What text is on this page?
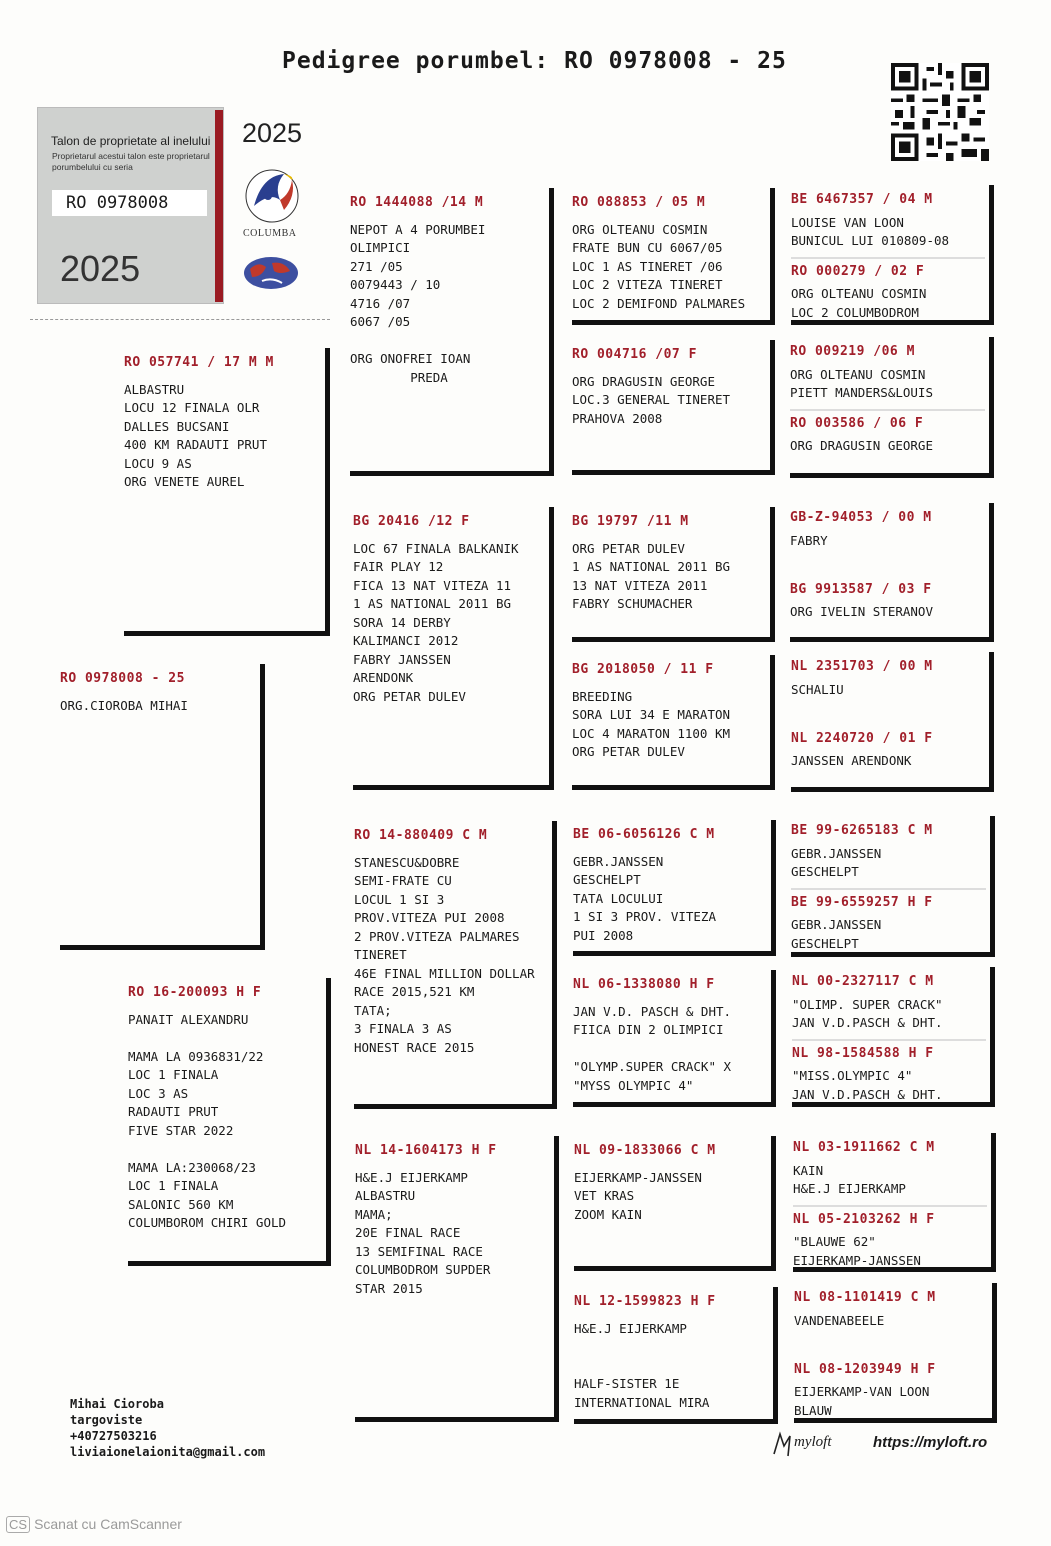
Pedigree porumbel: RO 0978008 - 25
Talon de proprietate al inelului
Proprietarul acestui talon este proprietarul porumbelului cu seria
RO 0978008
2025
2025
COLUMBA
RO 0978008 - 25
ORG.CIOROBA MIHAI
RO 057741 / 17 M M
ALBASTRU
LOCU 12 FINALA OLR
DALLES BUCSANI
400 KM RADAUTI PRUT
LOCU 9 AS
ORG VENETE AUREL
RO 16-200093 H F
PANAIT ALEXANDRU

MAMA LA 0936831/22
LOC 1 FINALA
LOC 3 AS
RADAUTI PRUT
FIVE STAR 2022

MAMA LA:230068/23
LOC 1 FINALA
SALONIC 560 KM
COLUMBOROM CHIRI GOLD
RO 1444088 /14 M
NEPOT A 4 PORUMBEI
OLIMPICI
271 /05
0079443 / 10
4716 /07
6067 /05

ORG ONOFREI IOAN
PREDA
BG 20416 /12 F
LOC 67 FINALA BALKANIK
FAIR PLAY 12
FICA 13 NAT VITEZA 11
1 AS NATIONAL 2011 BG
SORA 14 DERBY
KALIMANCI 2012
FABRY JANSSEN
ARENDONK
ORG PETAR DULEV
RO 14-880409 C M
STANESCU&DOBRE
SEMI-FRATE CU
LOCUL 1 SI 3
PROV.VITEZA PUI 2008
2 PROV.VITEZA PALMARES
TINERET
46E FINAL MILLION DOLLAR
RACE 2015,521 KM
TATA;
3 FINALA 3 AS
HONEST RACE 2015
NL 14-1604173 H F
H&E.J EIJERKAMP
ALBASTRU
MAMA;
20E FINAL RACE
13 SEMIFINAL RACE
COLUMBODROM SUPDER
STAR 2015
RO 088853 / 05 M
ORG OLTEANU COSMIN
FRATE BUN CU 6067/05
LOC 1 AS TINERET /06
LOC 2 VITEZA TINERET
LOC 2 DEMIFOND PALMARES
RO 004716 /07 F
ORG DRAGUSIN GEORGE
LOC.3 GENERAL TINERET
PRAHOVA 2008
BG 19797 /11 M
ORG PETAR DULEV
1 AS NATIONAL 2011 BG
13 NAT VITEZA 2011
FABRY SCHUMACHER
BG 2018050 / 11 F
BREEDING
SORA LUI 34 E MARATON
LOC 4 MARATON 1100 KM
ORG PETAR DULEV
BE 06-6056126 C M
GEBR.JANSSEN
GESCHELPT
TATA LOCULUI
1 SI 3 PROV. VITEZA
PUI 2008
NL 06-1338080 H F
JAN V.D. PASCH & DHT.
FIICA DIN 2 OLIMPICI

"OLYMP.SUPER CRACK" X
"MYSS OLYMPIC 4"
NL 09-1833066 C M
EIJERKAMP-JANSSEN
VET KRAS
ZOOM KAIN
NL 12-1599823 H F
H&E.J EIJERKAMP

HALF-SISTER 1E
INTERNATIONAL MIRA
BE 6467357 / 04 M
LOUISE VAN LOON
BUNICUL LUI 010809-08
RO 000279 / 02 F
ORG OLTEANU COSMIN
LOC 2 COLUMBODROM
RO 009219 /06 M
ORG OLTEANU COSMIN
PIETT MANDERS&LOUIS
RO 003586 / 06 F
ORG DRAGUSIN GEORGE
GB-Z-94053 / 00 M
FABRY

BG 9913587 / 03 F
ORG IVELIN STERANOV
NL 2351703 / 00 M
SCHALIU

NL 2240720 / 01 F
JANSSEN ARENDONK
BE 99-6265183 C M
GEBR.JANSSEN
GESCHELPT
BE 99-6559257 H F
GEBR.JANSSEN
GESCHELPT
NL 00-2327117 C M
"OLIMP. SUPER CRACK"
JAN V.D.PASCH & DHT.
NL 98-1584588 H F
"MISS.OLYMPIC 4"
JAN V.D.PASCH & DHT.
NL 03-1911662 C M
KAIN
H&E.J EIJERKAMP
NL 05-2103262 H F
"BLAUWE 62"
EIJERKAMP-JANSSEN
NL 08-1101419 C M
VANDENABEELE

NL 08-1203949 H F
EIJERKAMP-VAN LOON
BLAUW
Mihai Cioroba
targoviste
+40727503216
liviaionelaionita@gmail.com
myloft	https://myloft.ro
CS Scanat cu CamScanner
